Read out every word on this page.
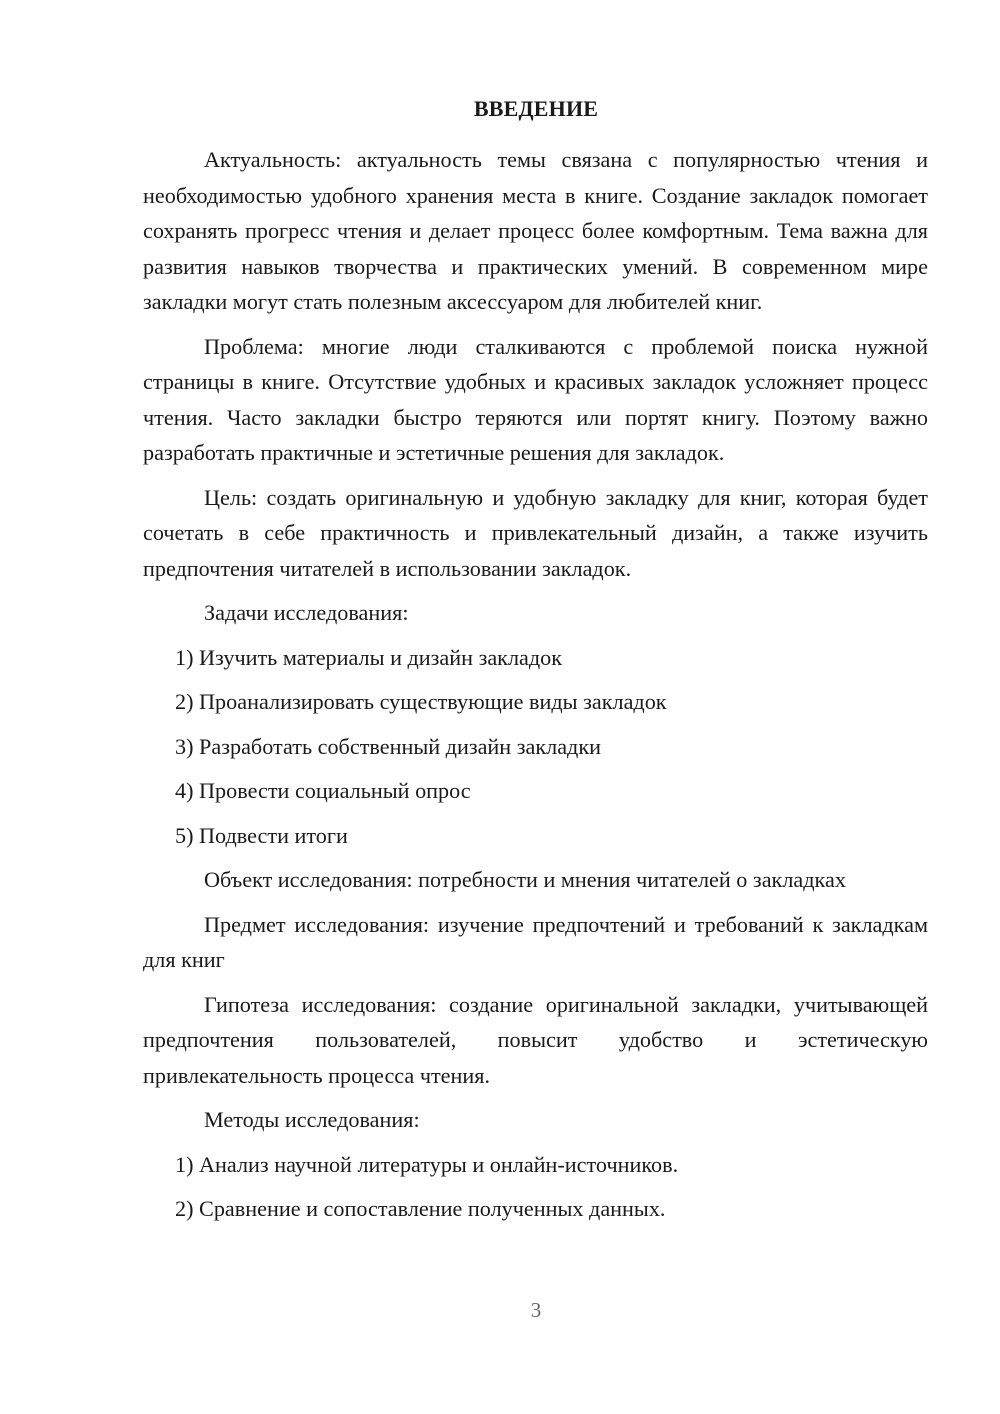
ВВЕДЕНИЕ

Актуальность: актуальность темы связана с популярностью чтения и необходимостью удобного хранения места в книге. Создание закладок помогает сохранять прогресс чтения и делает процесс более комфортным. Тема важна для развития навыков творчества и практических умений. В современном мире закладки могут стать полезным аксессуаром для любителей книг.

Проблема: многие люди сталкиваются с проблемой поиска нужной страницы в книге. Отсутствие удобных и красивых закладок усложняет процесс чтения. Часто закладки быстро теряются или портят книгу. Поэтому важно разработать практичные и эстетичные решения для закладок.

Цель: создать оригинальную и удобную закладку для книг, которая будет сочетать в себе практичность и привлекательный дизайн, а также изучить предпочтения читателей в использовании закладок.

Задачи исследования:
1) Изучить материалы и дизайн закладок
2) Проанализировать существующие виды закладок
3) Разработать собственный дизайн закладки
4) Провести социальный опрос
5) Подвести итоги

Объект исследования: потребности и мнения читателей о закладках

Предмет исследования: изучение предпочтений и требований к закладкам для книг

Гипотеза исследования: создание оригинальной закладки, учитывающей предпочтения пользователей, повысит удобство и эстетическую привлекательность процесса чтения.

Методы исследования:
1) Анализ научной литературы и онлайн-источников.
2) Сравнение и сопоставление полученных данных.
3
